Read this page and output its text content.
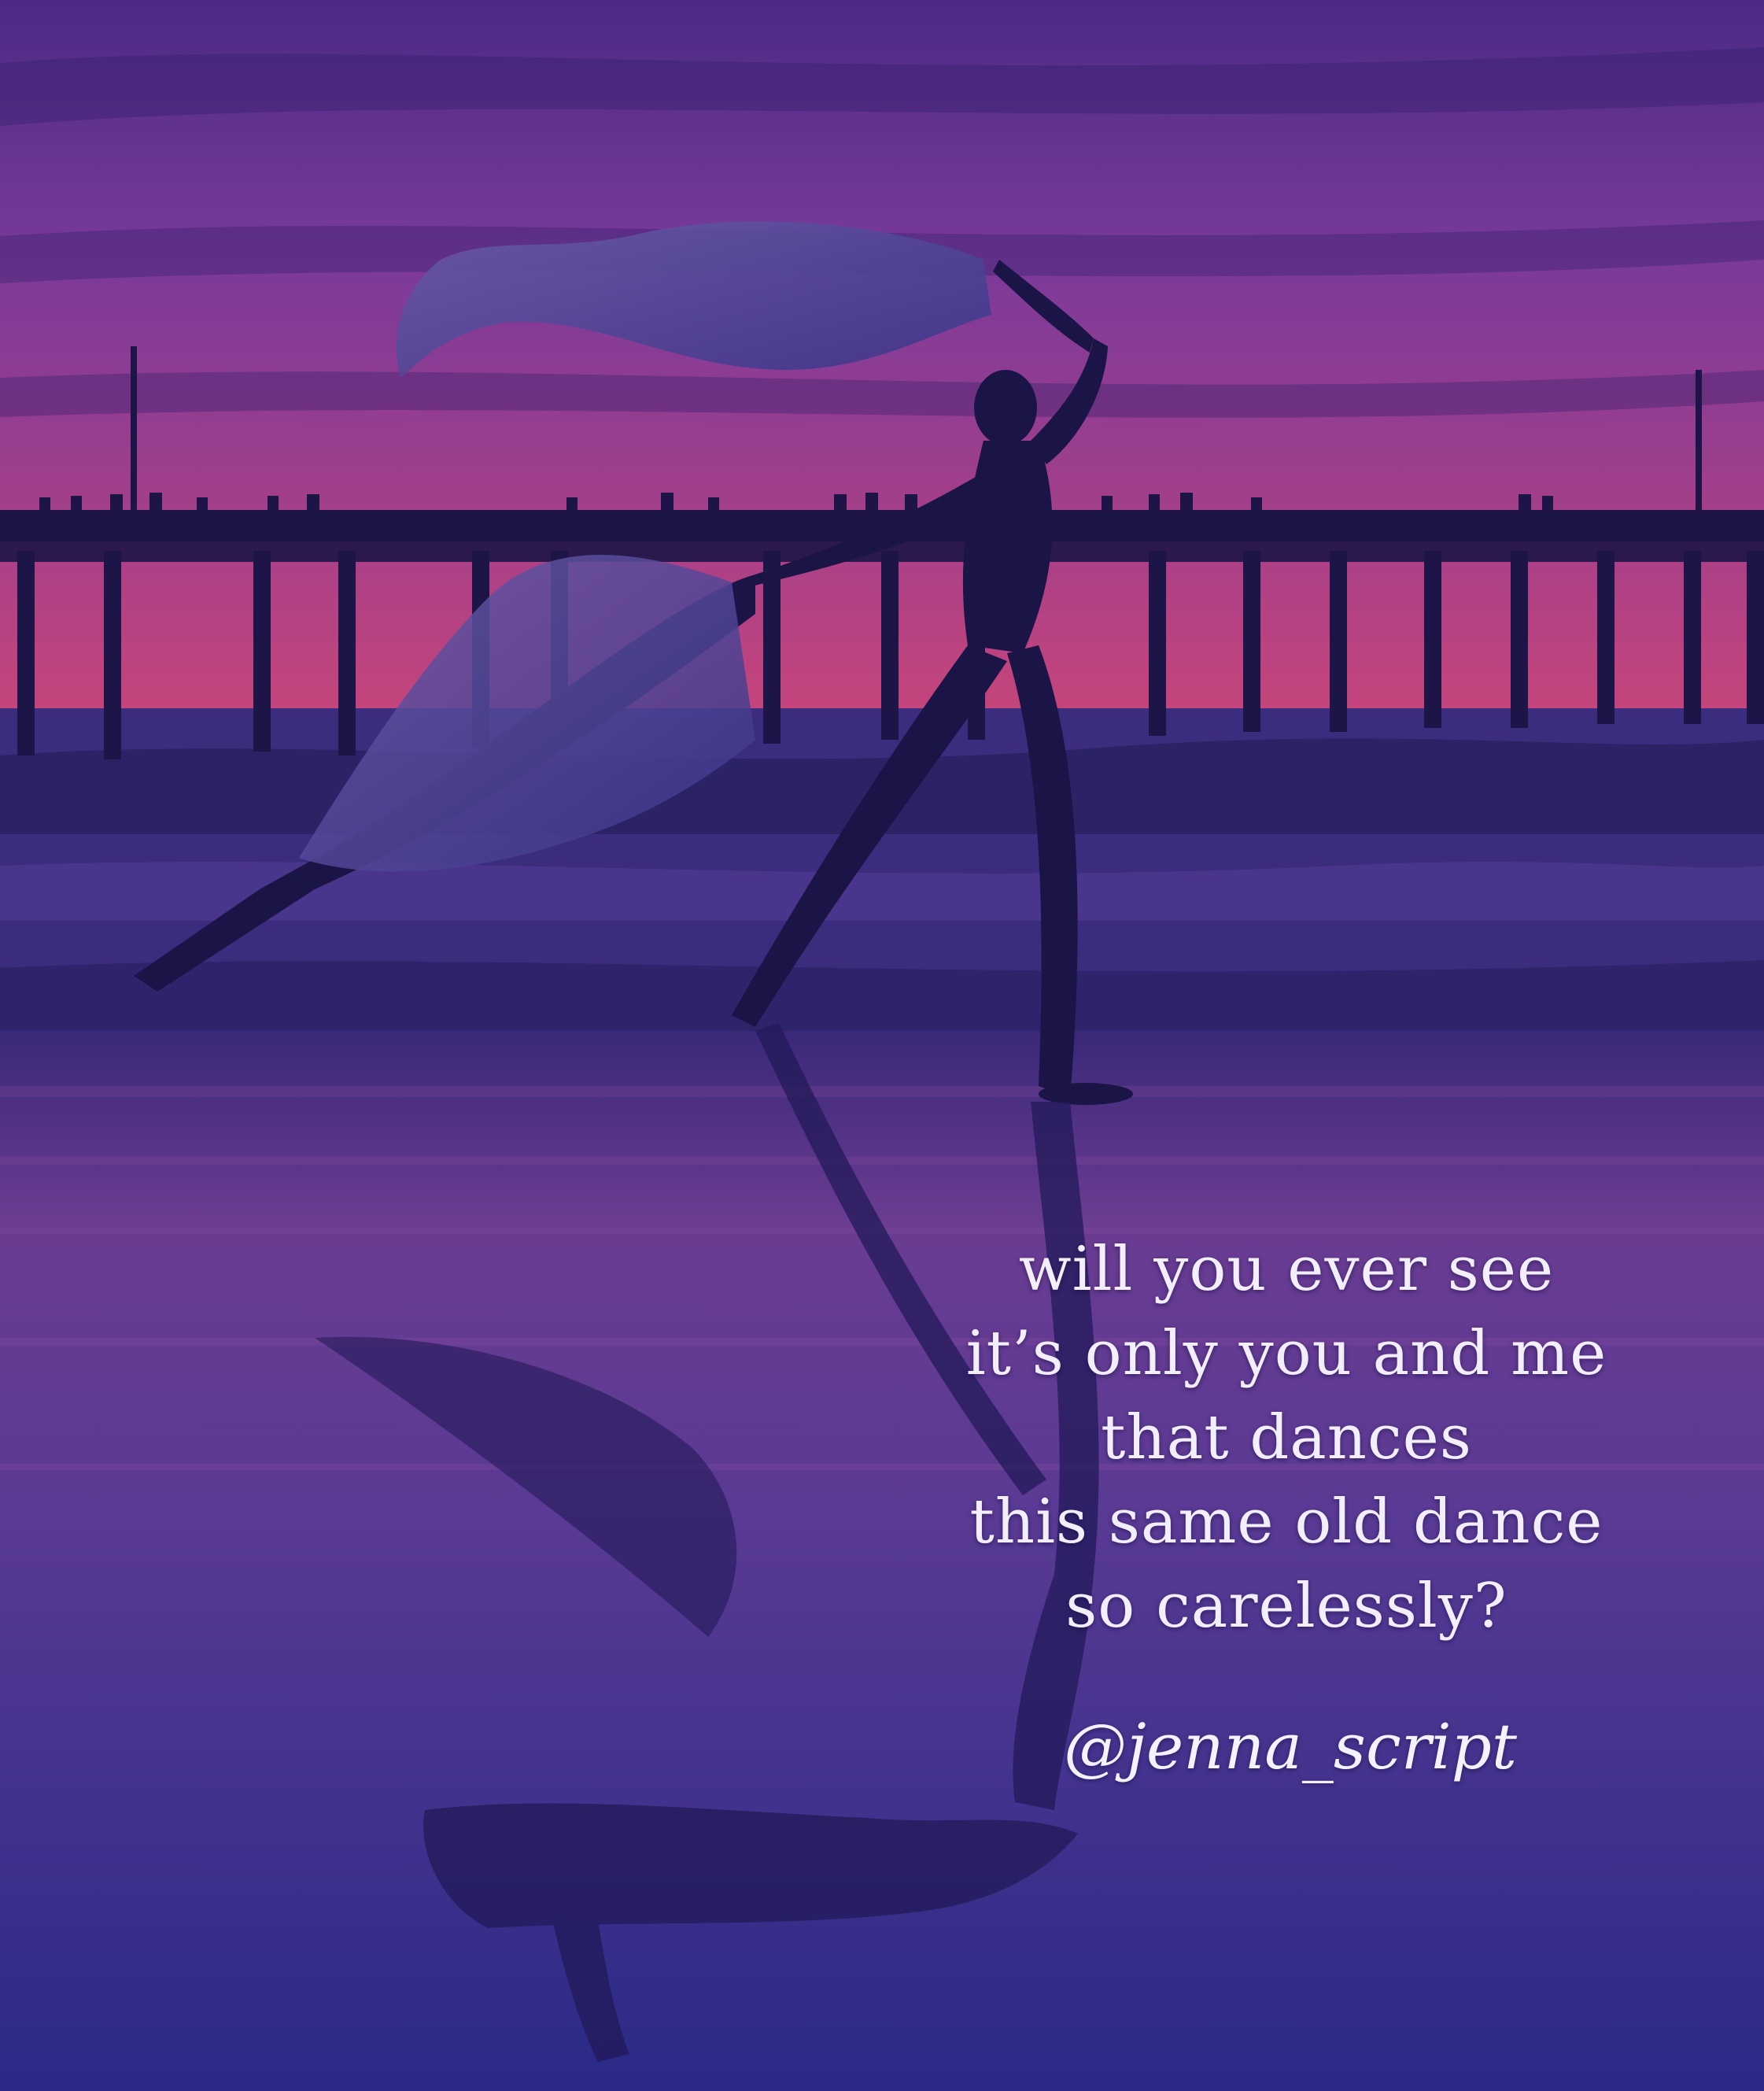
will you ever see
it’s only you and me
that dances
this same old dance
so carelessly?
@jenna_script
